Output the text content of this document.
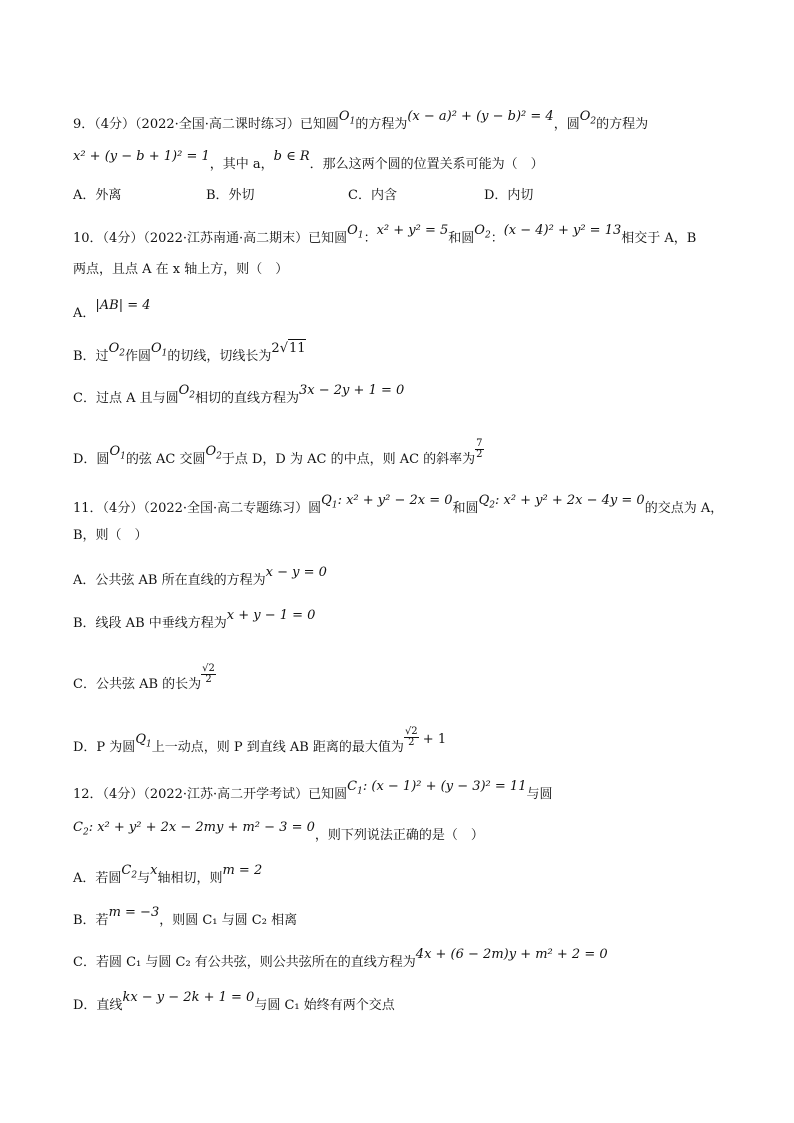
9．（4分）（2022·全国·高二课时练习）已知圆$O_1$的方程为(x − a)² + (y − b)² = 4，圆$O_2$的方程为
x² + (y − b + 1)² = 1，其中 a，b ∈ R．那么这两个圆的位置关系可能为（　）
A．外离	B．外切	C．内含	D．内切
10．（4分）（2022·江苏南通·高二期末）已知圆$O_1$：x² + y² = 5和圆$O_2$：(x − 4)² + y² = 13相交于 A，B
两点，且点 A 在 x 轴上方，则（　）
A．|AB| = 4
B．过$O_2$作圆$O_1$的切线，切线长为2√11
C．过点 A 且与圆$O_2$相切的直线方程为3x − 2y + 1 = 0
D．圆$O_1$的弦 AC 交圆$O_2$于点 D，D 为 AC 的中点，则 AC 的斜率为 $\frac{7}{2}$
11．（4分）（2022·全国·高二专题练习）圆$Q_1$: x² + y² − 2x = 0和圆$Q_2$: x² + y² + 2x − 4y = 0的交点为 A，
B，则（　）
A．公共弦 AB 所在直线的方程为x − y = 0
B．线段 AB 中垂线方程为x + y − 1 = 0
C．公共弦 AB 的长为 $\frac{√2}{2}$
D．P 为圆$Q_1$上一动点，则 P 到直线 AB 距离的最大值为 $\frac{√2}{2} + 1$
12．（4分）（2022·江苏·高二开学考试）已知圆$C_1$: (x − 1)² + (y − 3)² = 11与圆
$C_2$: x² + y² + 2x − 2my + m² − 3 = 0，则下列说法正确的是（　）
A．若圆$C_2$与x轴相切，则m = 2
B．若m = −3，则圆 C₁ 与圆 C₂ 相离
C．若圆 C₁ 与圆 C₂ 有公共弦，则公共弦所在的直线方程为4x + (6 − 2m)y + m² + 2 = 0
D．直线kx − y − 2k + 1 = 0与圆 C₁ 始终有两个交点
